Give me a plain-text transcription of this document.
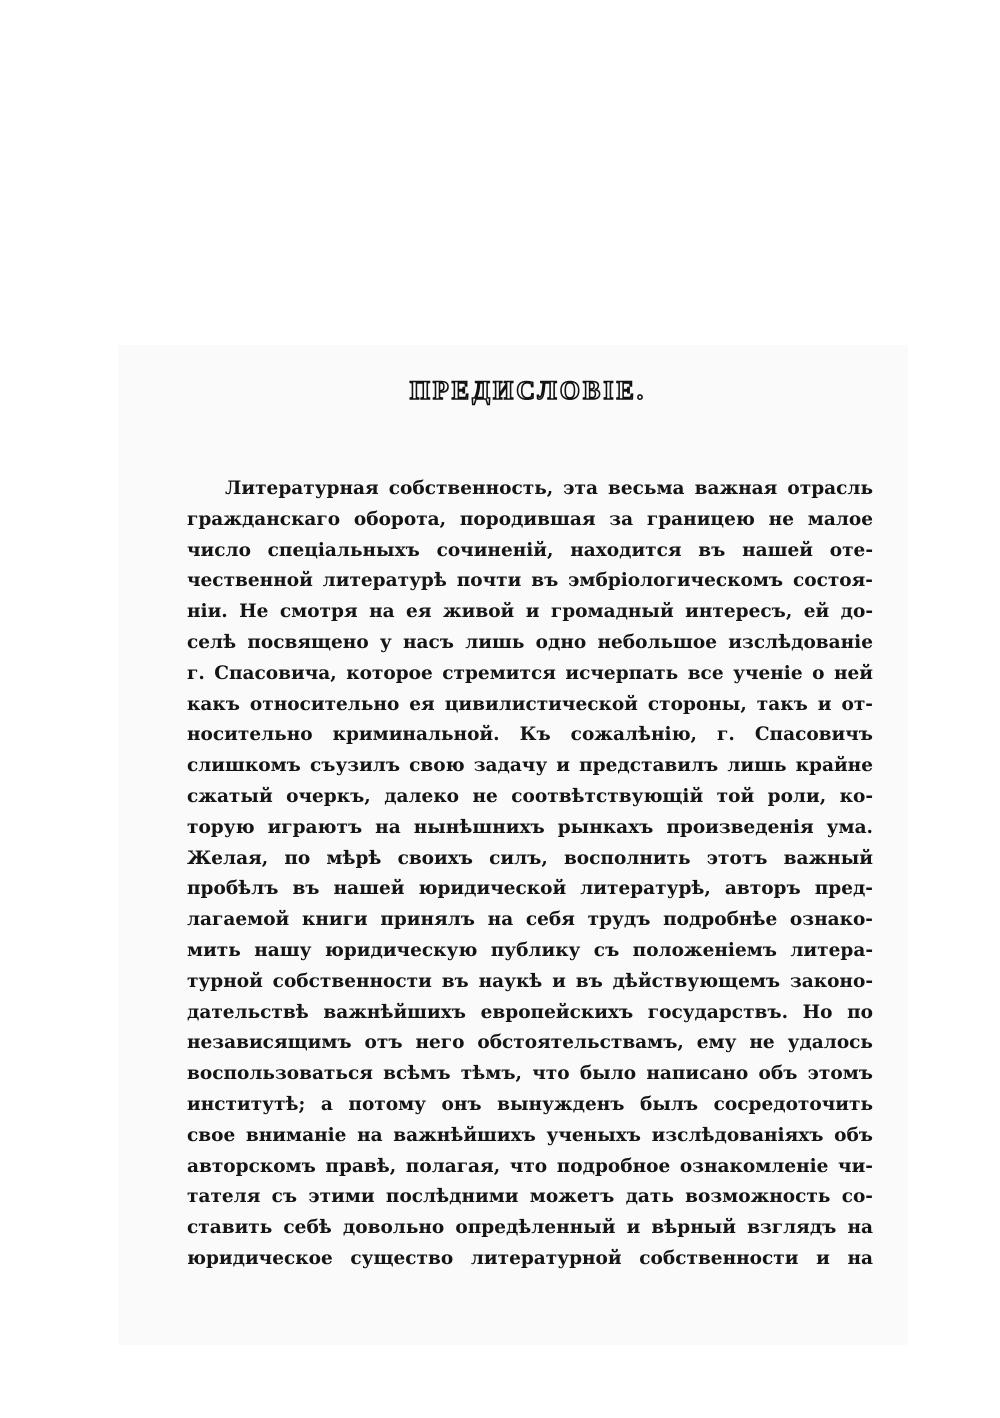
ПРЕДИСЛОВІЕ.
Литературная собственность, эта весьма важная отрасль
гражданскаго оборота, породившая за границею не малое
число спеціальныхъ сочиненій, находится въ нашей оте-
чественной литературѣ почти въ эмбріологическомъ состоя-
ніи. Не смотря на ея живой и громадный интересъ, ей до-
селѣ посвящено у насъ лишь одно небольшое изслѣдованіе
г. Спасовича, которое стремится исчерпать все ученіе о ней
какъ относительно ея цивилистической стороны, такъ и от-
носительно криминальной. Къ сожалѣнію, г. Спасовичъ
слишкомъ съузилъ свою задачу и представилъ лишь крайне
сжатый очеркъ, далеко не соотвѣтствующій той роли, ко-
торую играютъ на нынѣшнихъ рынкахъ произведенія ума.
Желая, по мѣрѣ своихъ силъ, восполнить этотъ важный
пробѣлъ въ нашей юридической литературѣ, авторъ пред-
лагаемой книги принялъ на себя трудъ подробнѣе ознако-
мить нашу юридическую публику съ положеніемъ литера-
турной собственности въ наукѣ и въ дѣйствующемъ законо-
дательствѣ важнѣйшихъ европейскихъ государствъ. Но по
независящимъ отъ него обстоятельствамъ, ему не удалось
воспользоваться всѣмъ тѣмъ, что было написано объ этомъ
институтѣ; а потому онъ вынужденъ былъ сосредоточить
свое вниманіе на важнѣйшихъ ученыхъ изслѣдованіяхъ объ
авторскомъ правѣ, полагая, что подробное ознакомленіе чи-
тателя съ этими послѣдними можетъ дать возможность со-
ставить себѣ довольно опредѣленный и вѣрный взглядъ на
юридическое существо литературной собственности и на
